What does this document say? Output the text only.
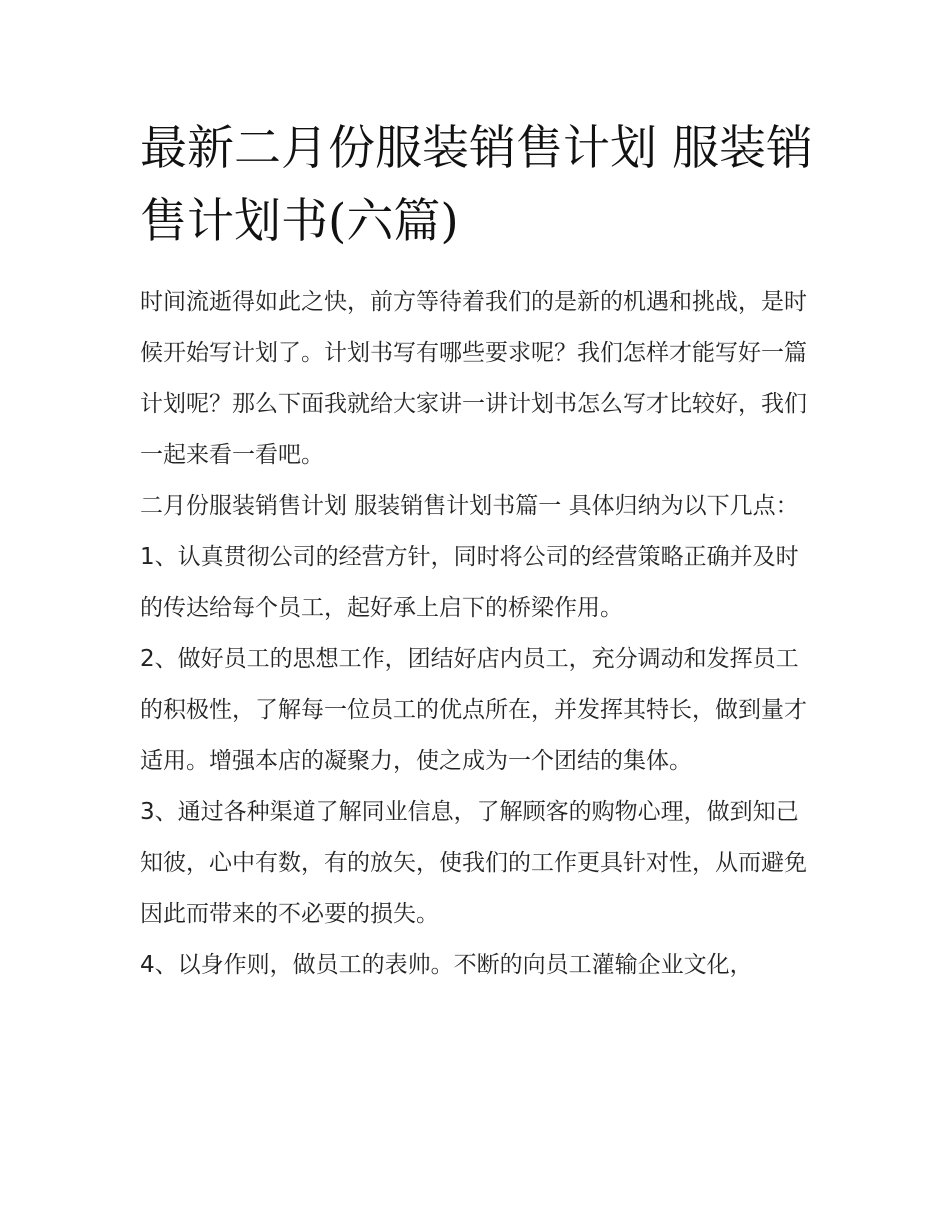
最新二月份服装销售计划 服装销售计划书(六篇)

时间流逝得如此之快，前方等待着我们的是新的机遇和挑战，是时候开始写计划了。计划书写有哪些要求呢？我们怎样才能写好一篇计划呢？那么下面我就给大家讲一讲计划书怎么写才比较好，我们一起来看一看吧。

二月份服装销售计划 服装销售计划书篇一 具体归纳为以下几点：

1、认真贯彻公司的经营方针，同时将公司的经营策略正确并及时的传达给每个员工，起好承上启下的桥梁作用。

2、做好员工的思想工作，团结好店内员工，充分调动和发挥员工的积极性，了解每一位员工的优点所在，并发挥其特长，做到量才适用。增强本店的凝聚力，使之成为一个团结的集体。

3、通过各种渠道了解同业信息，了解顾客的购物心理，做到知己知彼，心中有数，有的放矢，使我们的工作更具针对性，从而避免因此而带来的不必要的损失。

4、以身作则，做员工的表帅。不断的向员工灌输企业文化，
